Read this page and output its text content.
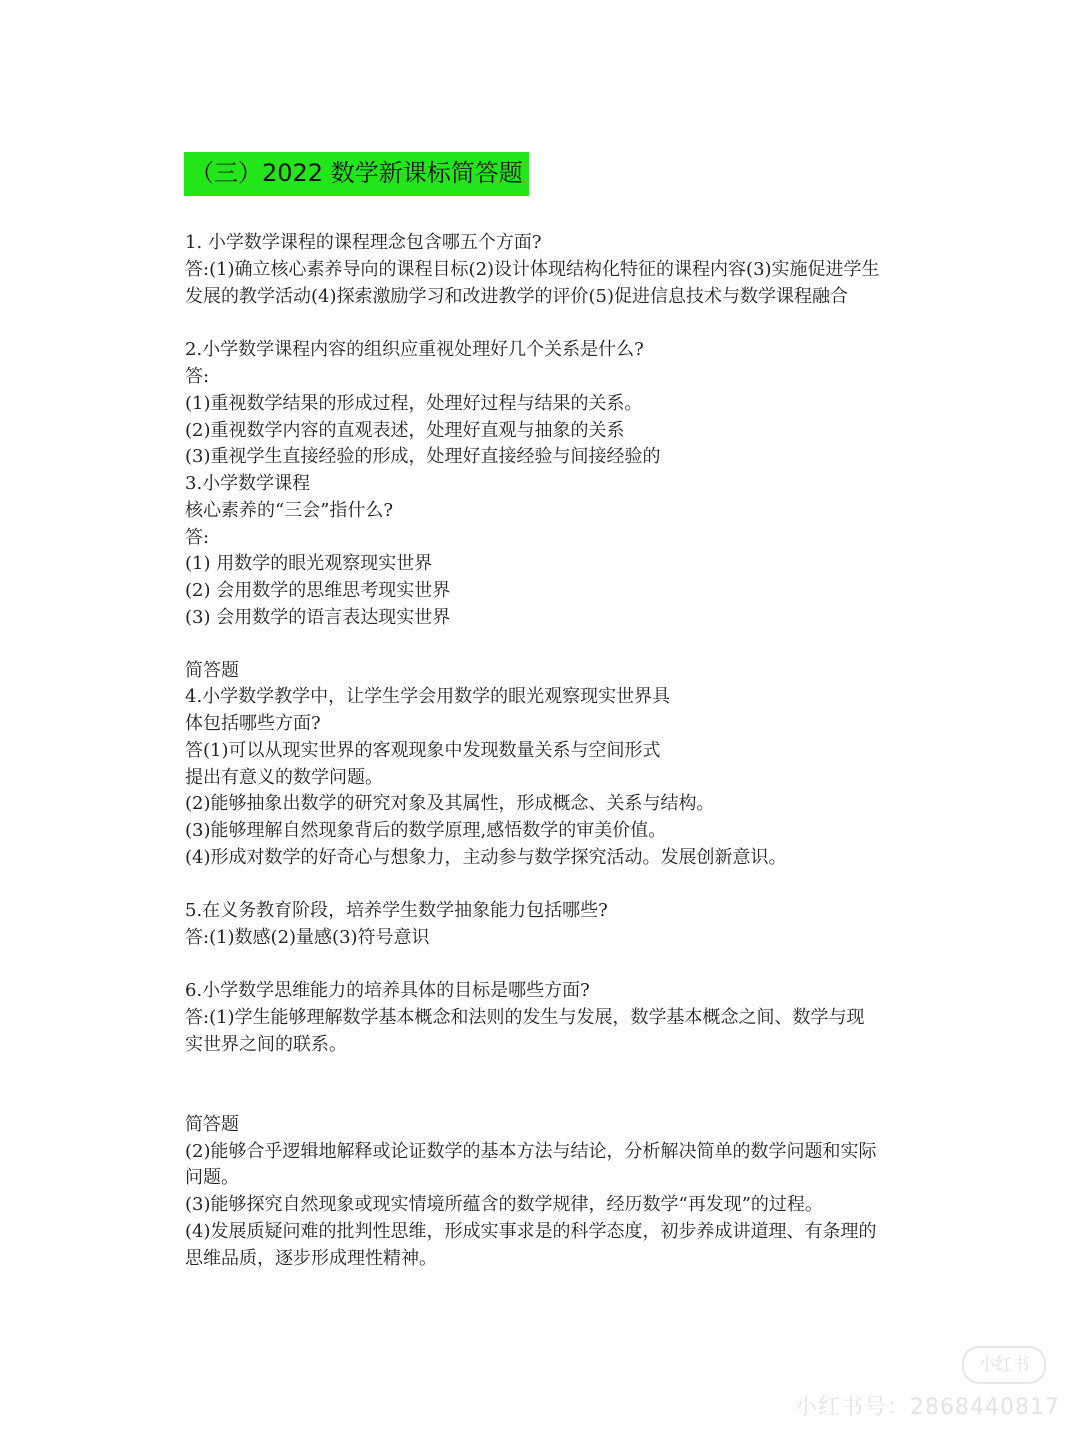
（三）2022 数学新课标简答题
1. 小学数学课程的课程理念包含哪五个方面?
答:(1)确立核心素养导向的课程目标(2)设计体现结构化特征的课程内容(3)实施促进学生
发展的教学活动(4)探索激励学习和改进教学的评价(5)促进信息技术与数学课程融合
2.小学数学课程内容的组织应重视处理好几个关系是什么?
答:
(1)重视数学结果的形成过程，处理好过程与结果的关系。
(2)重视数学内容的直观表述，处理好直观与抽象的关系
(3)重视学生直接经验的形成，处理好直接经验与间接经验的
3.小学数学课程
核心素养的“三会”指什么?
答:
(1) 用数学的眼光观察现实世界
(2) 会用数学的思维思考现实世界
(3) 会用数学的语言表达现实世界
简答题
4.小学数学教学中，让学生学会用数学的眼光观察现实世界具
体包括哪些方面?
答(1)可以从现实世界的客观现象中发现数量关系与空间形式
提出有意义的数学问题。
(2)能够抽象出数学的研究对象及其属性，形成概念、关系与结构。
(3)能够理解自然现象背后的数学原理,感悟数学的审美价值。
(4)形成对数学的好奇心与想象力，主动参与数学探究活动。发展创新意识。
5.在义务教育阶段，培养学生数学抽象能力包括哪些?
答:(1)数感(2)量感(3)符号意识
6.小学数学思维能力的培养具体的目标是哪些方面?
答:(1)学生能够理解数学基本概念和法则的发生与发展，数学基本概念之间、数学与现
实世界之间的联系。
简答题
(2)能够合乎逻辑地解释或论证数学的基本方法与结论，分析解决简单的数学问题和实际
问题。
(3)能够探究自然现象或现实情境所蕴含的数学规律，经历数学“再发现”的过程。
(4)发展质疑问难的批判性思维，形成实事求是的科学态度，初步养成讲道理、有条理的
思维品质，逐步形成理性精神。
小红书
小红书号：2868440817
